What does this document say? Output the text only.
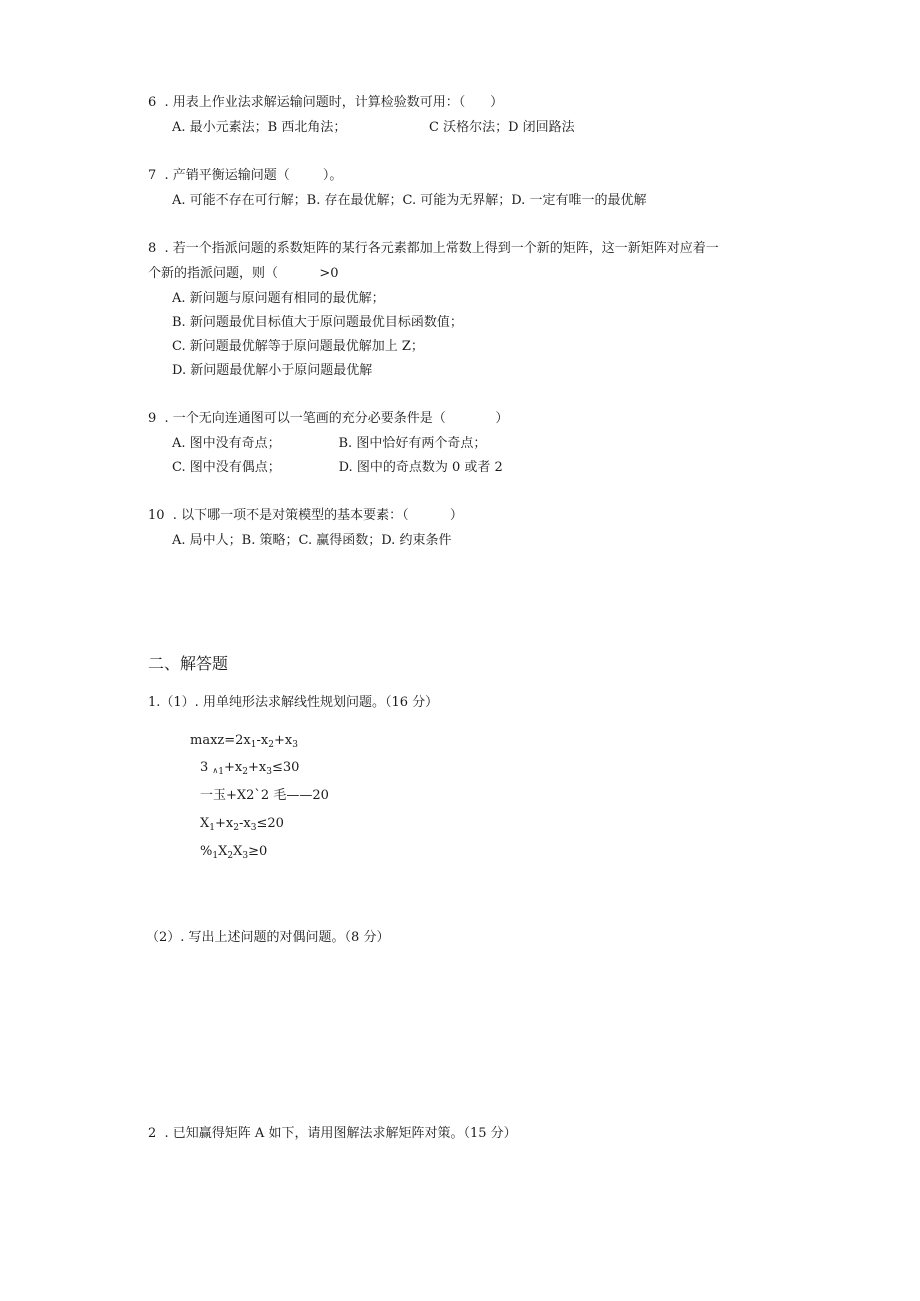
6  . 用表上作业法求解运输问题时，计算检验数可用：（      ）
A. 最小元素法；B 西北角法；                    C 沃格尔法；D 闭回路法
7  . 产销平衡运输问题（        ）。
A. 可能不存在可行解；B. 存在最优解；C. 可能为无界解；D. 一定有唯一的最优解
8  . 若一个指派问题的系数矩阵的某行各元素都加上常数上得到一个新的矩阵，这一新矩阵对应着一
个新的指派问题，则（          >0
A. 新问题与原问题有相同的最优解；
B. 新问题最优目标值大于原问题最优目标函数值；
C. 新问题最优解等于原问题最优解加上 Z；
D. 新问题最优解小于原问题最优解
9  . 一个无向连通图可以一笔画的充分必要条件是（            ）
A. 图中没有奇点；              B. 图中恰好有两个奇点；
C. 图中没有偶点；              D. 图中的奇点数为 0 或者 2
10  . 以下哪一项不是对策模型的基本要素：（          ）
A. 局中人；B. 策略；C. 赢得函数；D. 约束条件
二、解答题
1.（1）. 用单纯形法求解线性规划问题。（16 分）
$\max z=2x_1-x_2+x_3$
3 $\wedge_1+x_2+x_3\le 30$
一玉+X2ˋ2 毛——20
$X_1+x_2-x_3\le 20$
$\%_1X_2X_3\ge 0$
（2）. 写出上述问题的对偶问题。（8 分）
2  . 已知赢得矩阵 A 如下，请用图解法求解矩阵对策。（15 分）
